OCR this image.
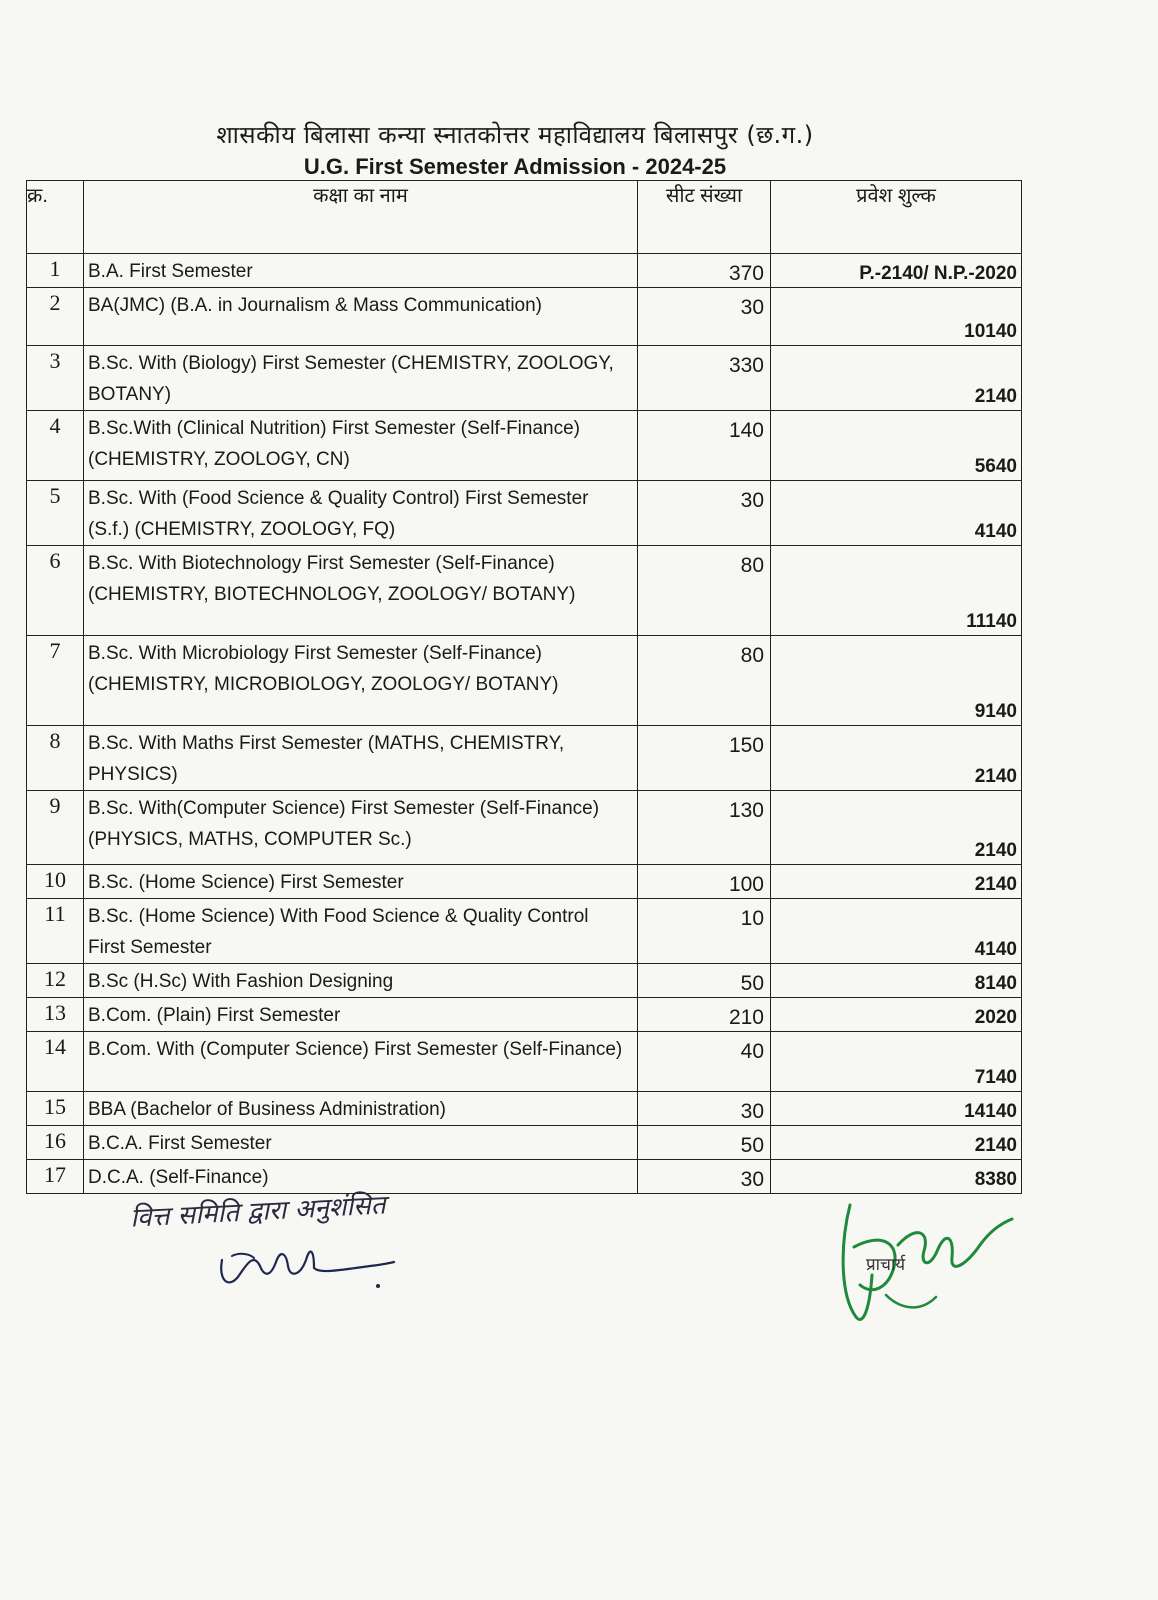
शासकीय बिलासा कन्या स्नातकोत्तर महाविद्यालय बिलासपुर (छ.ग.)
U.G. First Semester Admission - 2024-25
क्र.	कक्षा का नाम	सीट संख्या	प्रवेश शुल्क
1	B.A. First Semester	370	P.-2140/ N.P.-2020
2	BA(JMC) (B.A. in Journalism & Mass Communication)	30	10140
3	B.Sc. With (Biology) First Semester (CHEMISTRY, ZOOLOGY, BOTANY)	330	2140
4	B.Sc.With (Clinical Nutrition) First Semester (Self-Finance) (CHEMISTRY, ZOOLOGY, CN)	140	5640
5	B.Sc. With (Food Science & Quality Control) First Semester (S.f.) (CHEMISTRY, ZOOLOGY, FQ)	30	4140
6	B.Sc. With Biotechnology First Semester (Self-Finance) (CHEMISTRY, BIOTECHNOLOGY, ZOOLOGY/ BOTANY)	80	11140
7	B.Sc. With Microbiology First Semester (Self-Finance) (CHEMISTRY, MICROBIOLOGY, ZOOLOGY/ BOTANY)	80	9140
8	B.Sc. With Maths First Semester (MATHS, CHEMISTRY, PHYSICS)	150	2140
9	B.Sc. With(Computer Science) First Semester (Self-Finance) (PHYSICS, MATHS, COMPUTER Sc.)	130	2140
10	B.Sc. (Home Science) First Semester	100	2140
11	B.Sc. (Home Science) With Food Science & Quality Control First Semester	10	4140
12	B.Sc (H.Sc) With Fashion Designing	50	8140
13	B.Com. (Plain) First Semester	210	2020
14	B.Com. With (Computer Science) First Semester (Self-Finance)	40	7140
15	BBA (Bachelor of Business Administration)	30	14140
16	B.C.A. First Semester	50	2140
17	D.C.A. (Self-Finance)	30	8380
वित्त समिति द्वारा अनुशंसित
प्राचार्य
